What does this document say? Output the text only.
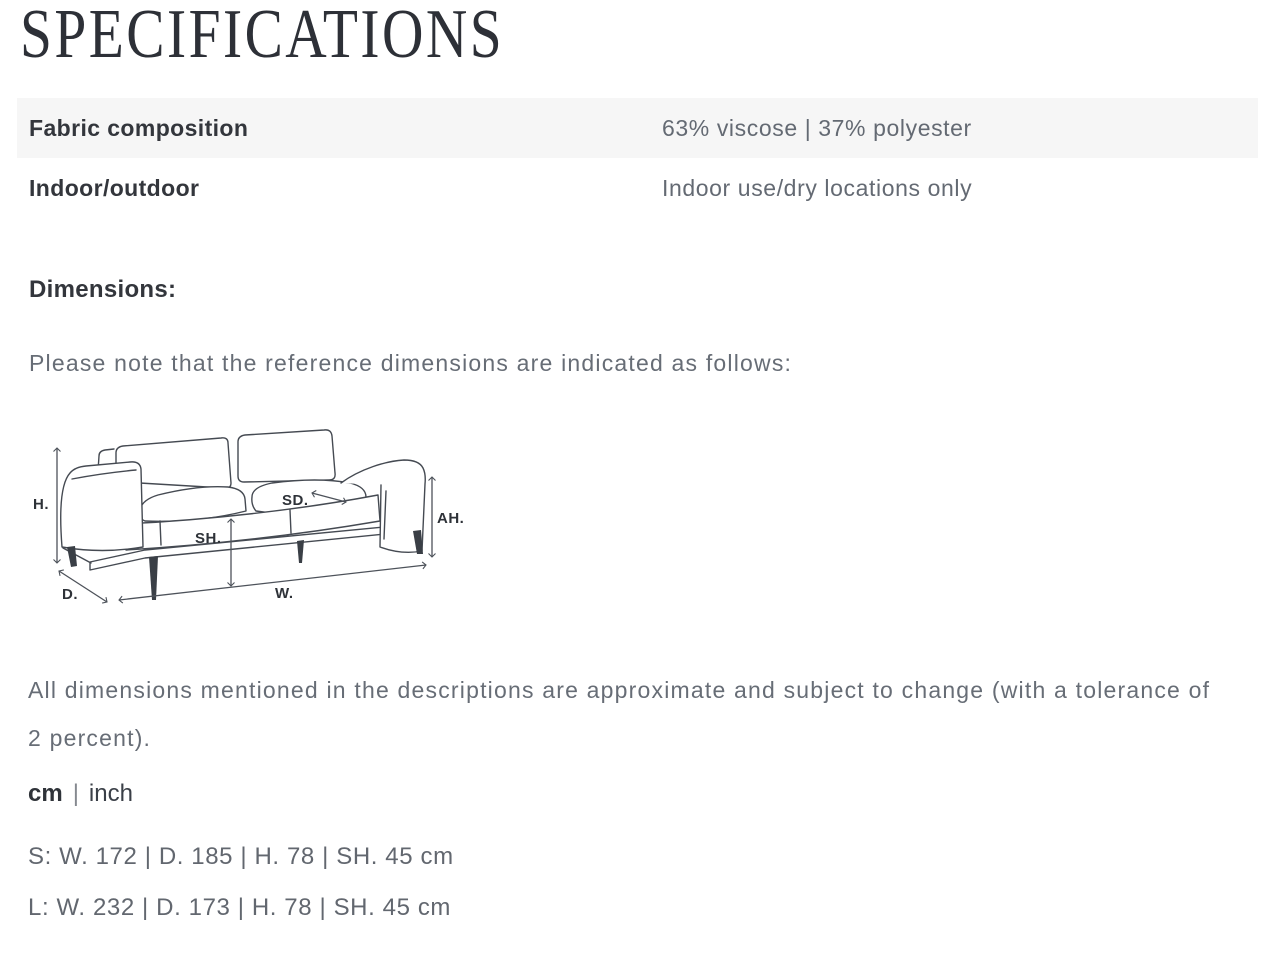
SPECIFICATIONS
Fabric composition	63% viscose | 37% polyester
Indoor/outdoor	Indoor use/dry locations only
Dimensions:

Please note that the reference dimensions are indicated as follows:

H.
D.	W.
SH.
SD.
AH.

All dimensions mentioned in the descriptions are approximate and subject to change (with a tolerance of 2 percent).

cm | inch

S: W. 172 | D. 185 | H. 78 | SH. 45 cm

L: W. 232 | D. 173 | H. 78 | SH. 45 cm
